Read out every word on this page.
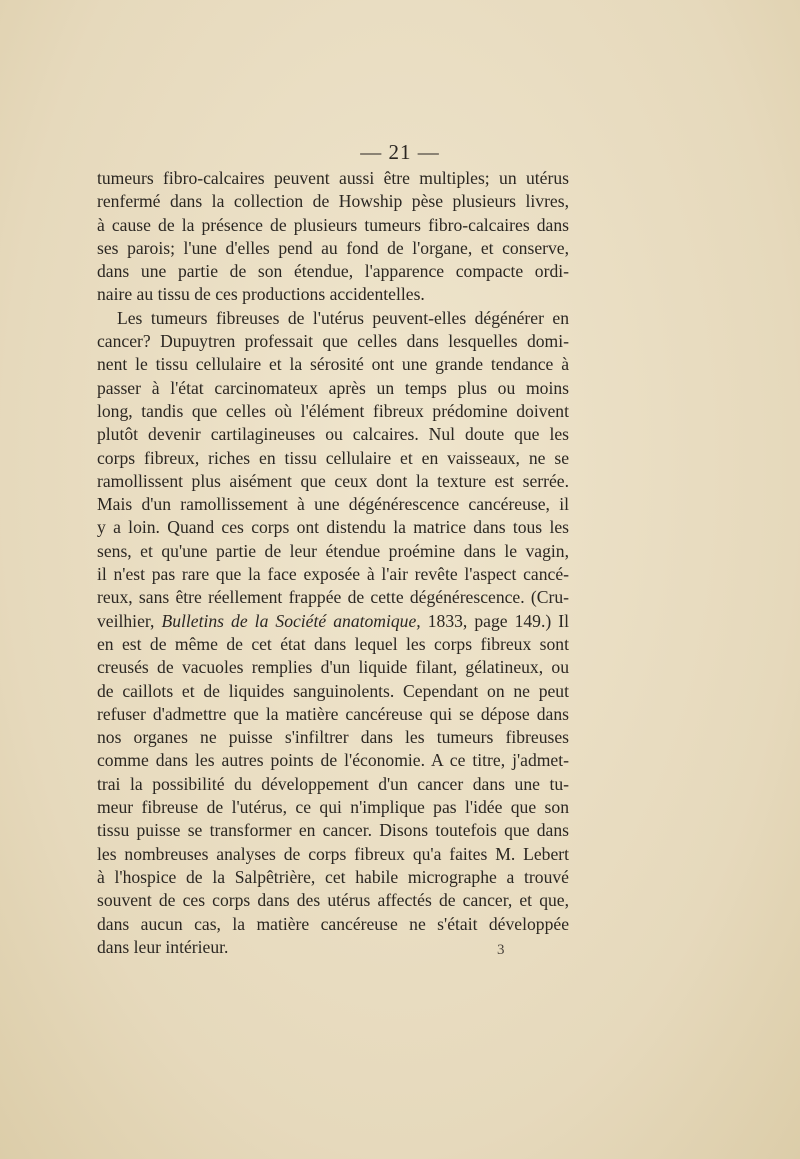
— 21 —
tumeurs fibro-calcaires peuvent aussi être multiples; un utérus
renfermé dans la collection de Howship pèse plusieurs livres,
à cause de la présence de plusieurs tumeurs fibro-calcaires dans
ses parois; l'une d'elles pend au fond de l'organe, et conserve,
dans une partie de son étendue, l'apparence compacte ordi-
naire au tissu de ces productions accidentelles.
Les tumeurs fibreuses de l'utérus peuvent-elles dégénérer en
cancer? Dupuytren professait que celles dans lesquelles domi-
nent le tissu cellulaire et la sérosité ont une grande tendance à
passer à l'état carcinomateux après un temps plus ou moins
long, tandis que celles où l'élément fibreux prédomine doivent
plutôt devenir cartilagineuses ou calcaires. Nul doute que les
corps fibreux, riches en tissu cellulaire et en vaisseaux, ne se
ramollissent plus aisément que ceux dont la texture est serrée.
Mais d'un ramollissement à une dégénérescence cancéreuse, il
y a loin. Quand ces corps ont distendu la matrice dans tous les
sens, et qu'une partie de leur étendue proémine dans le vagin,
il n'est pas rare que la face exposée à l'air revête l'aspect cancé-
reux, sans être réellement frappée de cette dégénérescence. (Cru-
veilhier, Bulletins de la Société anatomique, 1833, page 149.) Il
en est de même de cet état dans lequel les corps fibreux sont
creusés de vacuoles remplies d'un liquide filant, gélatineux, ou
de caillots et de liquides sanguinolents. Cependant on ne peut
refuser d'admettre que la matière cancéreuse qui se dépose dans
nos organes ne puisse s'infiltrer dans les tumeurs fibreuses
comme dans les autres points de l'économie. A ce titre, j'admet-
trai la possibilité du développement d'un cancer dans une tu-
meur fibreuse de l'utérus, ce qui n'implique pas l'idée que son
tissu puisse se transformer en cancer. Disons toutefois que dans
les nombreuses analyses de corps fibreux qu'a faites M. Lebert
à l'hospice de la Salpêtrière, cet habile micrographe a trouvé
souvent de ces corps dans des utérus affectés de cancer, et que,
dans aucun cas, la matière cancéreuse ne s'était développée
dans leur intérieur.	3
